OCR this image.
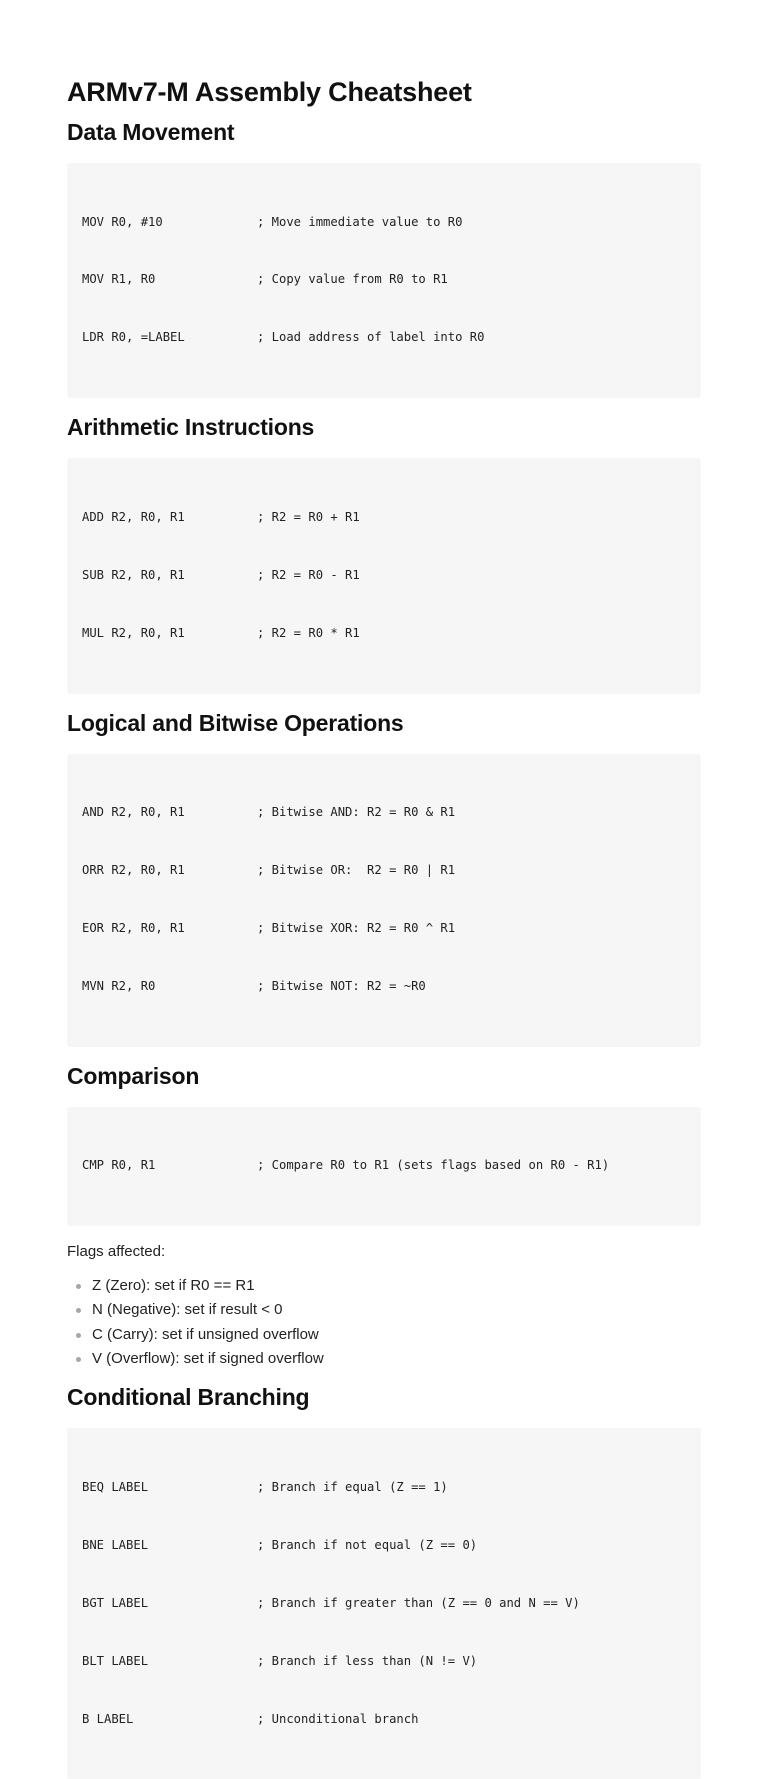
ARMv7-M Assembly Cheatsheet
Data Movement

MOV R0, #10	; Move immediate value to R0

MOV R1, R0	; Copy value from R0 to R1

LDR R0, =LABEL	; Load address of label into R0

Arithmetic Instructions

ADD R2, R0, R1	; R2 = R0 + R1

SUB R2, R0, R1	; R2 = R0 - R1

MUL R2, R0, R1	; R2 = R0 * R1

Logical and Bitwise Operations

AND R2, R0, R1	; Bitwise AND: R2 = R0 & R1

ORR R2, R0, R1	; Bitwise OR:  R2 = R0 | R1

EOR R2, R0, R1	; Bitwise XOR: R2 = R0 ^ R1

MVN R2, R0	; Bitwise NOT: R2 = ~R0

Comparison

CMP R0, R1	; Compare R0 to R1 (sets flags based on R0 - R1)

Flags affected:

Z (Zero): set if R0 == R1
N (Negative): set if result < 0
C (Carry): set if unsigned overflow
V (Overflow): set if signed overflow
Conditional Branching

BEQ LABEL	; Branch if equal (Z == 1)

BNE LABEL	; Branch if not equal (Z == 0)

BGT LABEL	; Branch if greater than (Z == 0 and N == V)

BLT LABEL	; Branch if less than (N != V)

B LABEL	; Unconditional branch
